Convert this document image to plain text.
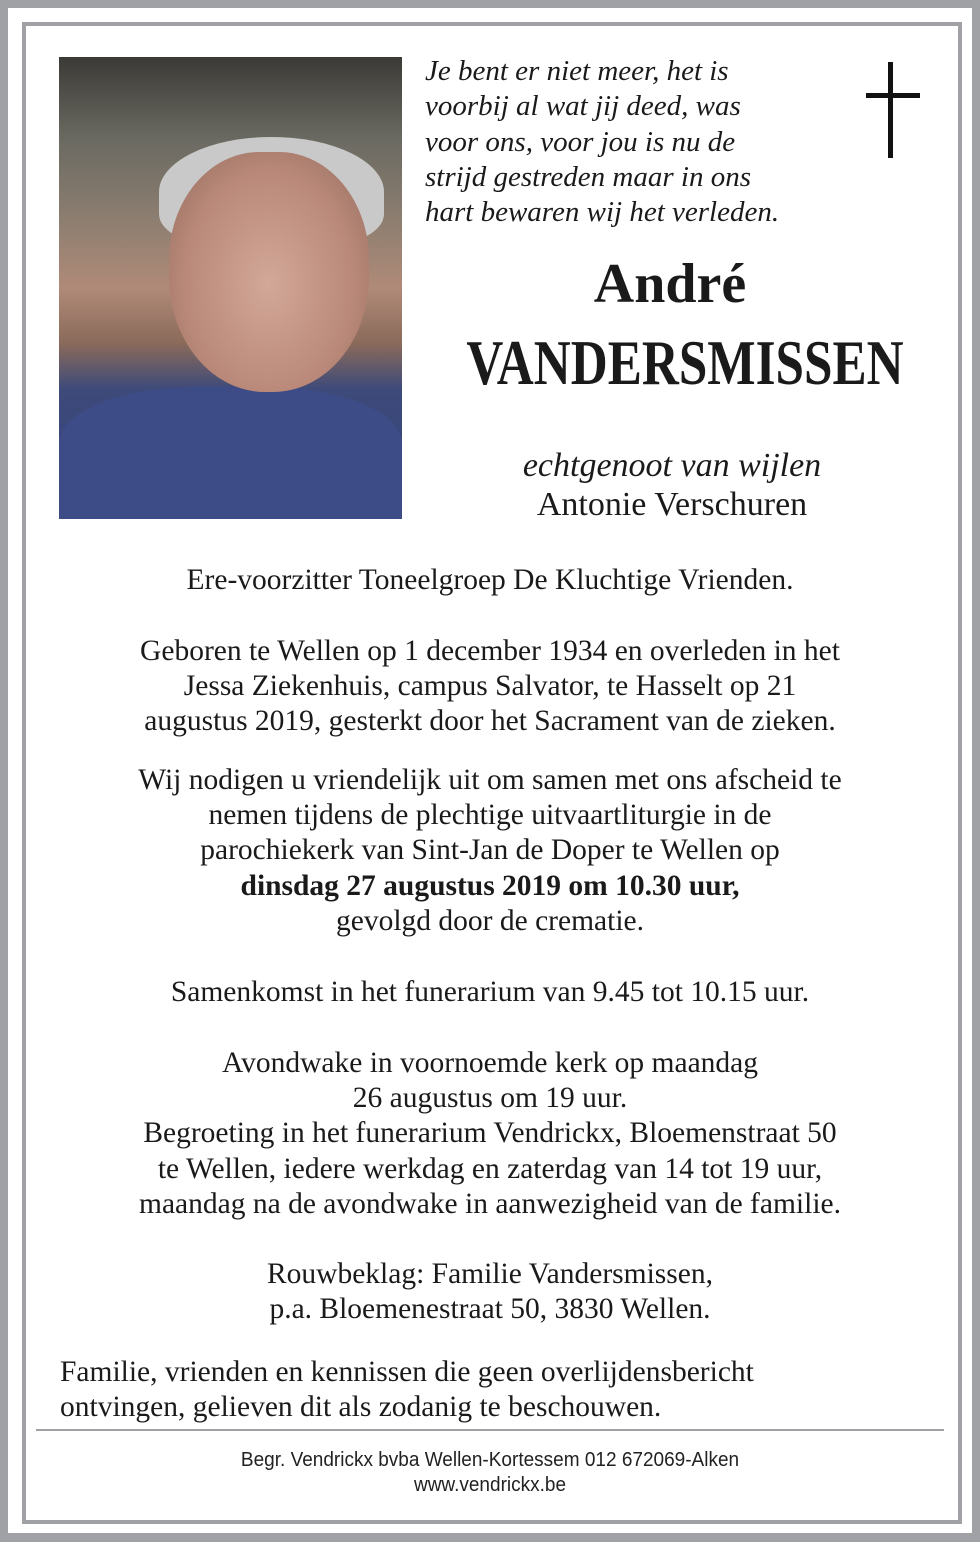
Je bent er niet meer, het is
voorbij al wat jij deed, was
voor ons, voor jou is nu de
strijd gestreden maar in ons
hart bewaren wij het verleden.
André
VANDERSMISSEN
echtgenoot van wijlen
Antonie Verschuren
Ere-voorzitter Toneelgroep De Kluchtige Vrienden.
Geboren te Wellen op 1 december 1934 en overleden in het
Jessa Ziekenhuis, campus Salvator, te Hasselt op 21
augustus 2019, gesterkt door het Sacrament van de zieken.
Wij nodigen u vriendelijk uit om samen met ons afscheid te
nemen tijdens de plechtige uitvaartliturgie in de
parochiekerk van Sint-Jan de Doper te Wellen op
dinsdag 27 augustus 2019 om 10.30 uur,
gevolgd door de crematie.
Samenkomst in het funerarium van 9.45 tot 10.15 uur.
Avondwake in voornoemde kerk op maandag
26 augustus om 19 uur.
Begroeting in het funerarium Vendrickx, Bloemenstraat 50
te Wellen, iedere werkdag en zaterdag van 14 tot 19 uur,
maandag na de avondwake in aanwezigheid van de familie.
Rouwbeklag: Familie Vandersmissen,
p.a. Bloemenestraat 50, 3830 Wellen.
Familie, vrienden en kennissen die geen overlijdensbericht
ontvingen, gelieven dit als zodanig te beschouwen.
Begr. Vendrickx bvba Wellen-Kortessem 012 672069-Alken
www.vendrickx.be
